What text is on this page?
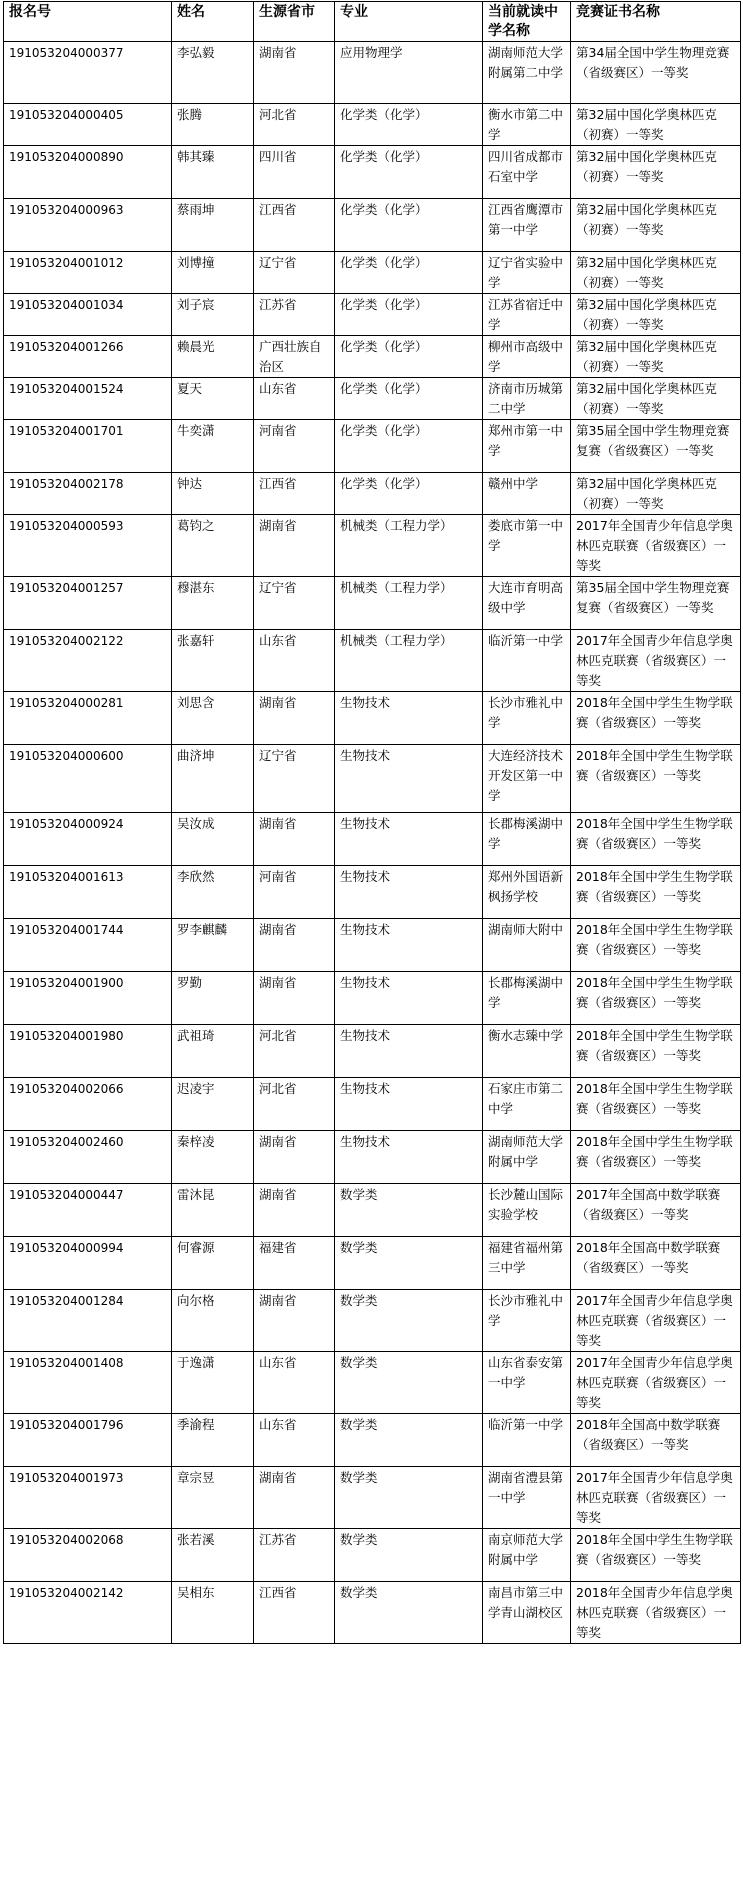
报名号	姓名	生源省市	专业	当前就读中学名称	竞赛证书名称
191053204000377	李弘毅	湖南省	应用物理学	湖南师范大学附属第二中学	第34届全国中学生物理竞赛（省级赛区）一等奖
191053204000405	张腾	河北省	化学类（化学）	衡水市第二中学	第32届中国化学奥林匹克（初赛）一等奖
191053204000890	韩其臻	四川省	化学类（化学）	四川省成都市石室中学	第32届中国化学奥林匹克（初赛）一等奖
191053204000963	蔡雨坤	江西省	化学类（化学）	江西省鹰潭市第一中学	第32届中国化学奥林匹克（初赛）一等奖
191053204001012	刘博撞	辽宁省	化学类（化学）	辽宁省实验中学	第32届中国化学奥林匹克（初赛）一等奖
191053204001034	刘子宸	江苏省	化学类（化学）	江苏省宿迁中学	第32届中国化学奥林匹克（初赛）一等奖
191053204001266	赖晨光	广西壮族自治区	化学类（化学）	柳州市高级中学	第32届中国化学奥林匹克（初赛）一等奖
191053204001524	夏天	山东省	化学类（化学）	济南市历城第二中学	第32届中国化学奥林匹克（初赛）一等奖
191053204001701	牛奕潇	河南省	化学类（化学）	郑州市第一中学	第35届全国中学生物理竞赛复赛（省级赛区）一等奖
191053204002178	钟达	江西省	化学类（化学）	赣州中学	第32届中国化学奥林匹克（初赛）一等奖
191053204000593	葛钧之	湖南省	机械类（工程力学）	娄底市第一中学	2017年全国青少年信息学奥林匹克联赛（省级赛区）一等奖
191053204001257	穆湛东	辽宁省	机械类（工程力学）	大连市育明高级中学	第35届全国中学生物理竞赛复赛（省级赛区）一等奖
191053204002122	张嘉轩	山东省	机械类（工程力学）	临沂第一中学	2017年全国青少年信息学奥林匹克联赛（省级赛区）一等奖
191053204000281	刘思含	湖南省	生物技术	长沙市雅礼中学	2018年全国中学生生物学联赛（省级赛区）一等奖
191053204000600	曲济坤	辽宁省	生物技术	大连经济技术开发区第一中学	2018年全国中学生生物学联赛（省级赛区）一等奖
191053204000924	吴汝成	湖南省	生物技术	长郡梅溪湖中学	2018年全国中学生生物学联赛（省级赛区）一等奖
191053204001613	李欣然	河南省	生物技术	郑州外国语新枫扬学校	2018年全国中学生生物学联赛（省级赛区）一等奖
191053204001744	罗李麒麟	湖南省	生物技术	湖南师大附中	2018年全国中学生生物学联赛（省级赛区）一等奖
191053204001900	罗勤	湖南省	生物技术	长郡梅溪湖中学	2018年全国中学生生物学联赛（省级赛区）一等奖
191053204001980	武祖琦	河北省	生物技术	衡水志臻中学	2018年全国中学生生物学联赛（省级赛区）一等奖
191053204002066	迟凌宇	河北省	生物技术	石家庄市第二中学	2018年全国中学生生物学联赛（省级赛区）一等奖
191053204002460	秦梓凌	湖南省	生物技术	湖南师范大学附属中学	2018年全国中学生生物学联赛（省级赛区）一等奖
191053204000447	雷沐昆	湖南省	数学类	长沙麓山国际实验学校	2017年全国高中数学联赛（省级赛区）一等奖
191053204000994	何睿源	福建省	数学类	福建省福州第三中学	2018年全国高中数学联赛（省级赛区）一等奖
191053204001284	向尔格	湖南省	数学类	长沙市雅礼中学	2017年全国青少年信息学奥林匹克联赛（省级赛区）一等奖
191053204001408	于逸潇	山东省	数学类	山东省泰安第一中学	2017年全国青少年信息学奥林匹克联赛（省级赛区）一等奖
191053204001796	季渝程	山东省	数学类	临沂第一中学	2018年全国高中数学联赛（省级赛区）一等奖
191053204001973	章宗昱	湖南省	数学类	湖南省澧县第一中学	2017年全国青少年信息学奥林匹克联赛（省级赛区）一等奖
191053204002068	张若溪	江苏省	数学类	南京师范大学附属中学	2018年全国中学生生物学联赛（省级赛区）一等奖
191053204002142	吴相东	江西省	数学类	南昌市第三中学青山湖校区	2018年全国青少年信息学奥林匹克联赛（省级赛区）一等奖
